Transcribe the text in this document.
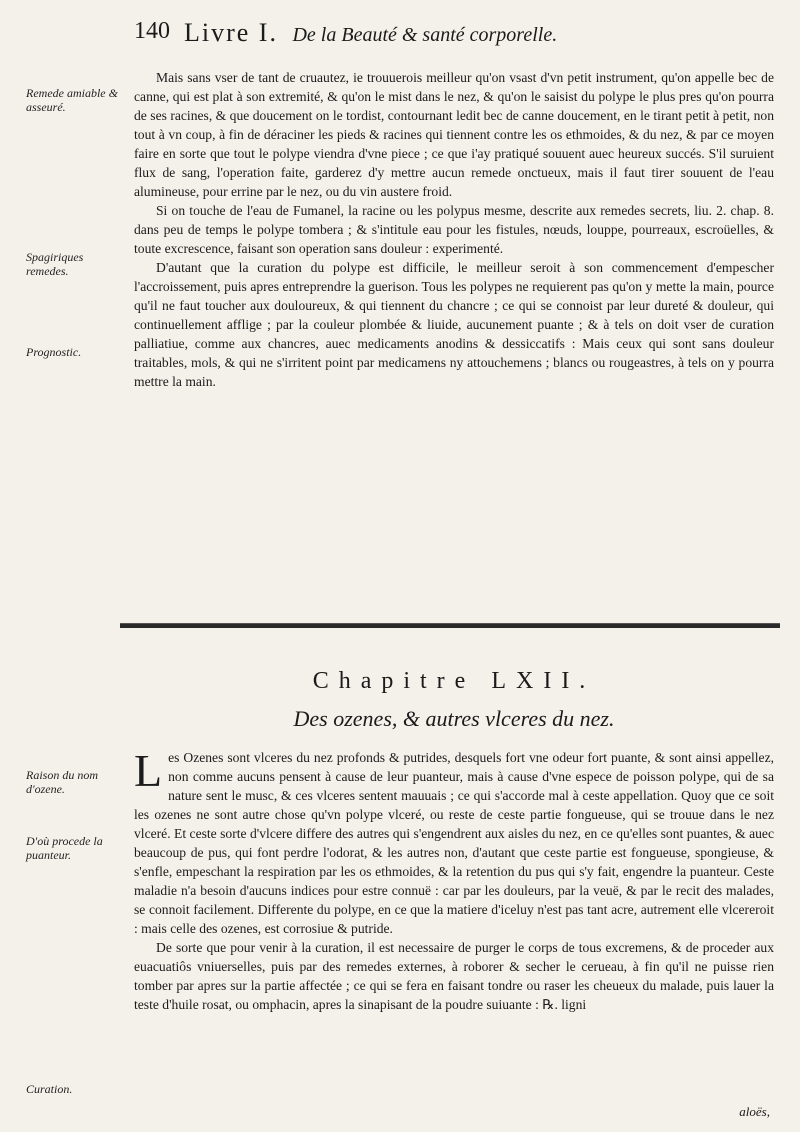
140 Livre I. De la Beauté & santé corporelle.
Remede amiable & asseuré.
Spagiriques remedes.
Prognostic.
Raison du nom d'ozene.
D'où procede la puanteur.
Curation.

Mais sans vser de tant de cruautez, ie trouuerois meilleur qu'on vsast d'vn petit instrument, qu'on appelle bec de canne, qui est plat à son extremité, & qu'on le mist dans le nez, & qu'on le saisist du polype le plus pres qu'on pourra de ses racines, & que doucement on le tordist, contournant ledit bec de canne doucement, en le tirant petit à petit, non tout à vn coup, à fin de déraciner les pieds & racines qui tiennent contre les os ethmoides, & du nez, & par ce moyen faire en sorte que tout le polype viendra d'vne piece ; ce que i'ay pratiqué souuent auec heureux succés. S'il suruient flux de sang, l'operation faite, garderez d'y mettre aucun remede onctueux, mais il faut tirer souuent de l'eau alumineuse, pour errine par le nez, ou du vin austere froid.

Si on touche de l'eau de Fumanel, la racine ou les polypus mesme, descrite aux remedes secrets, liu. 2. chap. 8. dans peu de temps le polype tombera ; & s'intitule eau pour les fistules, nœuds, louppe, pourreaux, escroüelles, & toute excrescence, faisant son operation sans douleur : experimenté.

D'autant que la curation du polype est difficile, le meilleur seroit à son commencement d'empescher l'accroissement, puis apres entreprendre la guerison. Tous les polypes ne requierent pas qu'on y mette la main, pource qu'il ne faut toucher aux douloureux, & qui tiennent du chancre ; ce qui se connoist par leur dureté & douleur, qui continuellement afflige ; par la couleur plombée & liuide, aucunement puante ; & à tels on doit vser de curation palliatiue, comme aux chancres, auec medicaments anodins & dessiccatifs : Mais ceux qui sont sans douleur traitables, mols, & qui ne s'irritent point par medicamens ny attouchemens ; blancs ou rougeastres, à tels on y pourra mettre la main.

Chapitre LXII.
Des ozenes, & autres vlceres du nez.

Les Ozenes sont vlceres du nez profonds & putrides, desquels fort vne odeur fort puante, & sont ainsi appellez, non comme aucuns pensent à cause de leur puanteur, mais à cause d'vne espece de poisson polype, qui de sa nature sent le musc, & ces vlceres sentent mauuais ; ce qui s'accorde mal à ceste appellation. Quoy que ce soit les ozenes ne sont autre chose qu'vn polype vlceré, ou reste de ceste partie fongueuse, qui se trouue dans le nez vlceré. Et ceste sorte d'vlcere differe des autres qui s'engendrent aux aisles du nez, en ce qu'elles sont puantes, & auec beaucoup de pus, qui font perdre l'odorat, & les autres non, d'autant que ceste partie est fongueuse, spongieuse, & s'enfle, empeschant la respiration par les os ethmoides, & la retention du pus qui s'y fait, engendre la puanteur. Ceste maladie n'a besoin d'aucuns indices pour estre connuë : car par les douleurs, par la veuë, & par le recit des malades, se connoit facilement. Differente du polype, en ce que la matiere d'iceluy n'est pas tant acre, autrement elle vlcereroit : mais celle des ozenes, est corrosiue & putride.

De sorte que pour venir à la curation, il est necessaire de purger le corps de tous excremens, & de proceder aux euacuatiôs vniuerselles, puis par des remedes externes, à roborer & secher le cerueau, à fin qu'il ne puisse rien tomber par apres sur la partie affectée ; ce qui se fera en faisant tondre ou raser les cheueux du malade, puis lauer la teste d'huile rosat, ou omphacin, apres la sinapisant de la poudre suiuante : ℞. ligni

aloës,
